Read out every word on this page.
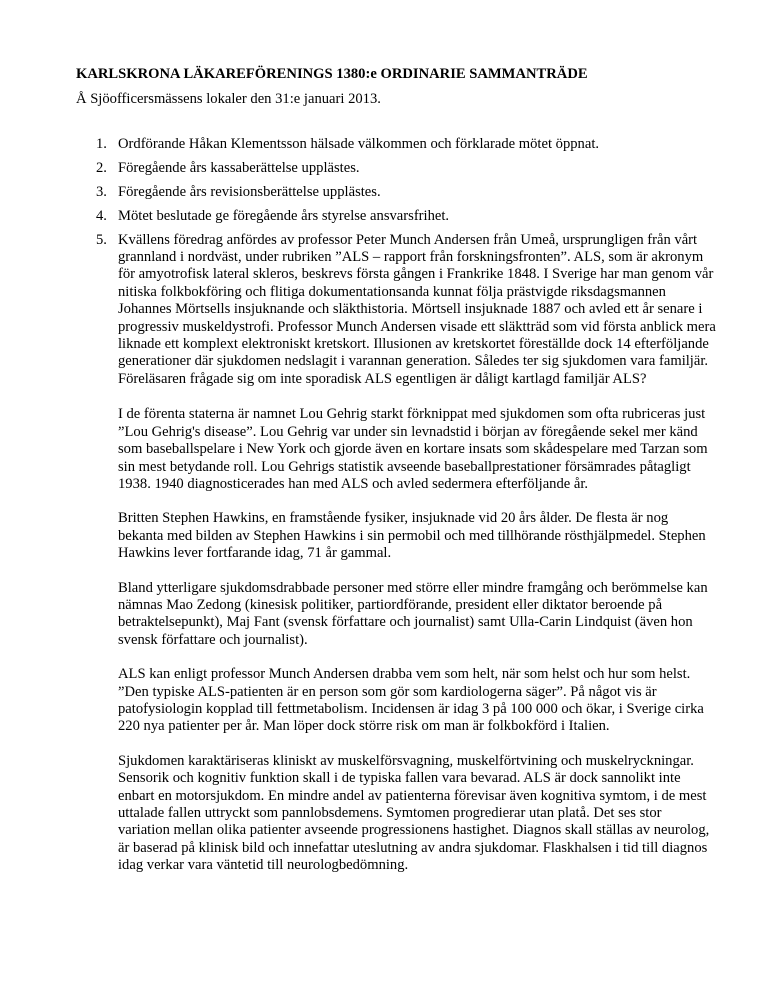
KARLSKRONA LÄKAREFÖRENINGS 1380:e ORDINARIE SAMMANTRÄDE

Å Sjöofficersmässens lokaler den 31:e januari 2013.

1. Ordförande Håkan Klementsson hälsade välkommen och förklarade mötet öppnat.
2. Föregående års kassaberättelse upplästes.
3. Föregående års revisionsberättelse upplästes.
4. Mötet beslutade ge föregående års styrelse ansvarsfrihet.
5. Kvällens föredrag anfördes av professor Peter Munch Andersen från Umeå, ursprungligen från vårt grannland i nordväst, under rubriken ”ALS – rapport från forskningsfronten”. ALS, som är akronym för amyotrofisk lateral skleros, beskrevs första gången i Frankrike 1848. I Sverige har man genom vår nitiska folkbokföring och flitiga dokumentationsanda kunnat följa prästvigde riksdagsmannen Johannes Mörtsells insjuknande och släkthistoria. Mörtsell insjuknade 1887 och avled ett år senare i progressiv muskeldystrofi. Professor Munch Andersen visade ett släktträd som vid första anblick mera liknade ett komplext elektroniskt kretskort. Illusionen av kretskortet föreställde dock 14 efterföljande generationer där sjukdomen nedslagit i varannan generation. Således ter sig sjukdomen vara familjär. Föreläsaren frågade sig om inte sporadisk ALS egentligen är dåligt kartlagd familjär ALS?

I de förenta staterna är namnet Lou Gehrig starkt förknippat med sjukdomen som ofta rubriceras just ”Lou Gehrig's disease”. Lou Gehrig var under sin levnadstid i början av föregående sekel mer känd som baseballspelare i New York och gjorde även en kortare insats som skådespelare med Tarzan som sin mest betydande roll. Lou Gehrigs statistik avseende baseballprestationer försämrades påtagligt 1938. 1940 diagnosticerades han med ALS och avled sedermera efterföljande år.

Britten Stephen Hawkins, en framstående fysiker, insjuknade vid 20 års ålder. De flesta är nog bekanta med bilden av Stephen Hawkins i sin permobil och med tillhörande rösthjälpmedel. Stephen Hawkins lever fortfarande idag, 71 år gammal.

Bland ytterligare sjukdomsdrabbade personer med större eller mindre framgång och berömmelse kan nämnas Mao Zedong (kinesisk politiker, partiordförande, president eller diktator beroende på betraktelsepunkt), Maj Fant (svensk författare och journalist) samt Ulla-Carin Lindquist (även hon svensk författare och journalist).

ALS kan enligt professor Munch Andersen drabba vem som helt, när som helst och hur som helst. ”Den typiske ALS-patienten är en person som gör som kardiologerna säger”. På något vis är patofysiologin kopplad till fettmetabolism. Incidensen är idag 3 på 100 000 och ökar, i Sverige cirka 220 nya patienter per år. Man löper dock större risk om man är folkbokförd i Italien.

Sjukdomen karaktäriseras kliniskt av muskelförsvagning, muskelförtvining och muskelryckningar. Sensorik och kognitiv funktion skall i de typiska fallen vara bevarad. ALS är dock sannolikt inte enbart en motorsjukdom. En mindre andel av patienterna förevisar även kognitiva symtom, i de mest uttalade fallen uttryckt som pannlobsdemens. Symtomen progredierar utan platå. Det ses stor variation mellan olika patienter avseende progressionens hastighet. Diagnos skall ställas av neurolog, är baserad på klinisk bild och innefattar uteslutning av andra sjukdomar. Flaskhalsen i tid till diagnos idag verkar vara väntetid till neurologbedömning.
